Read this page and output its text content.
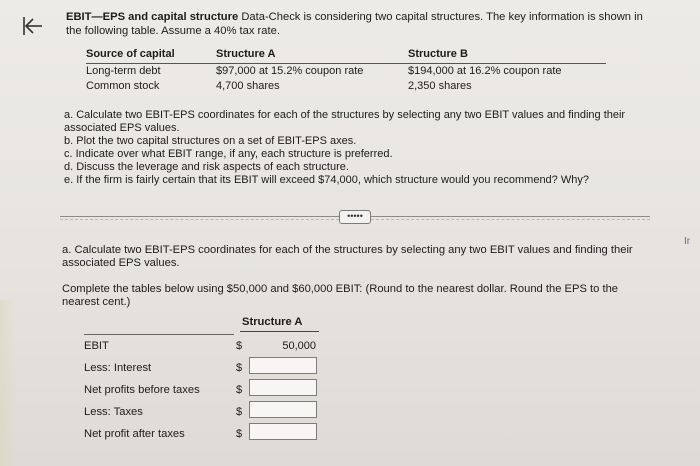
EBIT—EPS and capital structure Data-Check is considering two capital structures. The key information is shown in
the following table. Assume a 40% tax rate.
Source of capital	Structure A	Structure B
Long-term debt	$97,000 at 15.2% coupon rate	$194,000 at 16.2% coupon rate
Common stock	4,700 shares	2,350 shares

a. Calculate two EBIT-EPS coordinates for each of the structures by selecting any two EBIT values and finding their

associated EPS values.

b. Plot the two capital structures on a set of EBIT-EPS axes.

c. Indicate over what EBIT range, if any, each structure is preferred.

d. Discuss the leverage and risk aspects of each structure.

e. If the firm is fairly certain that its EBIT will exceed $74,000, which structure would you recommend? Why?

•••••
a. Calculate two EBIT-EPS coordinates for each of the structures by selecting any two EBIT values and finding their
associated EPS values.
Complete the tables below using $50,000 and $60,000 EBIT: (Round to the nearest dollar. Round the EPS to the
nearest cent.)
Structure A
EBIT	$	50,000
Less: Interest	$
Net profits before taxes	$
Less: Taxes	$
Net profit after taxes	$
Ir
